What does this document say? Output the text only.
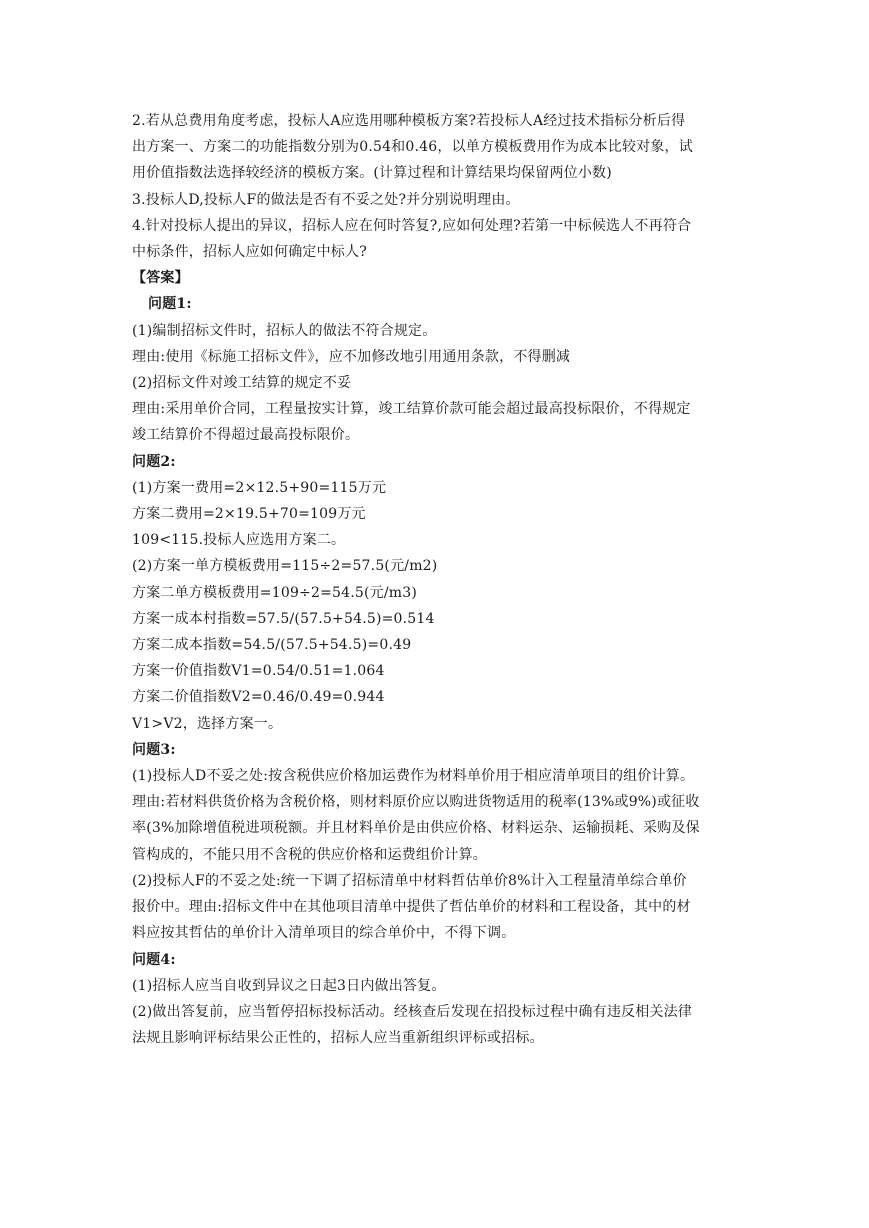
2.若从总费用角度考虑，投标人A应选用哪种模板方案?若投标人A经过技术指标分析后得
出方案一、方案二的功能指数分别为0.54和0.46，以单方模板费用作为成本比较对象，试
用价值指数法选择较经济的模板方案。(计算过程和计算结果均保留两位小数)
3.投标人D,投标人F的做法是否有不妥之处?并分别说明理由。
4.针对投标人提出的异议，招标人应在何时答复?,应如何处理?若第一中标候选人不再符合
中标条件，招标人应如何确定中标人?
【答案】
问题1:
(1)编制招标文件时，招标人的做法不符合规定。
理由:使用《标施工招标文件》，应不加修改地引用通用条款，不得删减
(2)招标文件对竣工结算的规定不妥
理由:采用单价合同，工程量按实计算，竣工结算价款可能会超过最高投标限价，不得规定
竣工结算价不得超过最高投标限价。
问题2:
(1)方案一费用=2×12.5+90=115万元
方案二费用=2×19.5+70=109万元
109<115.投标人应选用方案二。
(2)方案一单方模板费用=115÷2=57.5(元/m2)
方案二单方模板费用=109÷2=54.5(元/m3)
方案一成本村指数=57.5/(57.5+54.5)=0.514
方案二成本指数=54.5/(57.5+54.5)=0.49
方案一价值指数V1=0.54/0.51=1.064
方案二价值指数V2=0.46/0.49=0.944
V1>V2，选择方案一。
问题3:
(1)投标人D不妥之处:按含税供应价格加运费作为材料单价用于相应清单项目的组价计算。
理由:若材料供货价格为含税价格，则材料原价应以购进货物适用的税率(13%或9%)或征收
率(3%加除增值税进项税额。并且材料单价是由供应价格、材料运杂、运输损耗、采购及保
管构成的，不能只用不含税的供应价格和运费组价计算。
(2)投标人F的不妥之处:统一下调了招标清单中材料哲估单价8%计入工程量清单综合单价
报价中。理由:招标文件中在其他项目清单中提供了哲估单价的材料和工程设备，其中的材
料应按其哲估的单价计入清单项目的综合单价中，不得下调。
问题4:
(1)招标人应当自收到异议之日起3日内做出答复。
(2)做出答复前，应当暂停招标投标活动。经核查后发现在招投标过程中确有违反相关法律
法规且影响评标结果公正性的，招标人应当重新组织评标或招标。
